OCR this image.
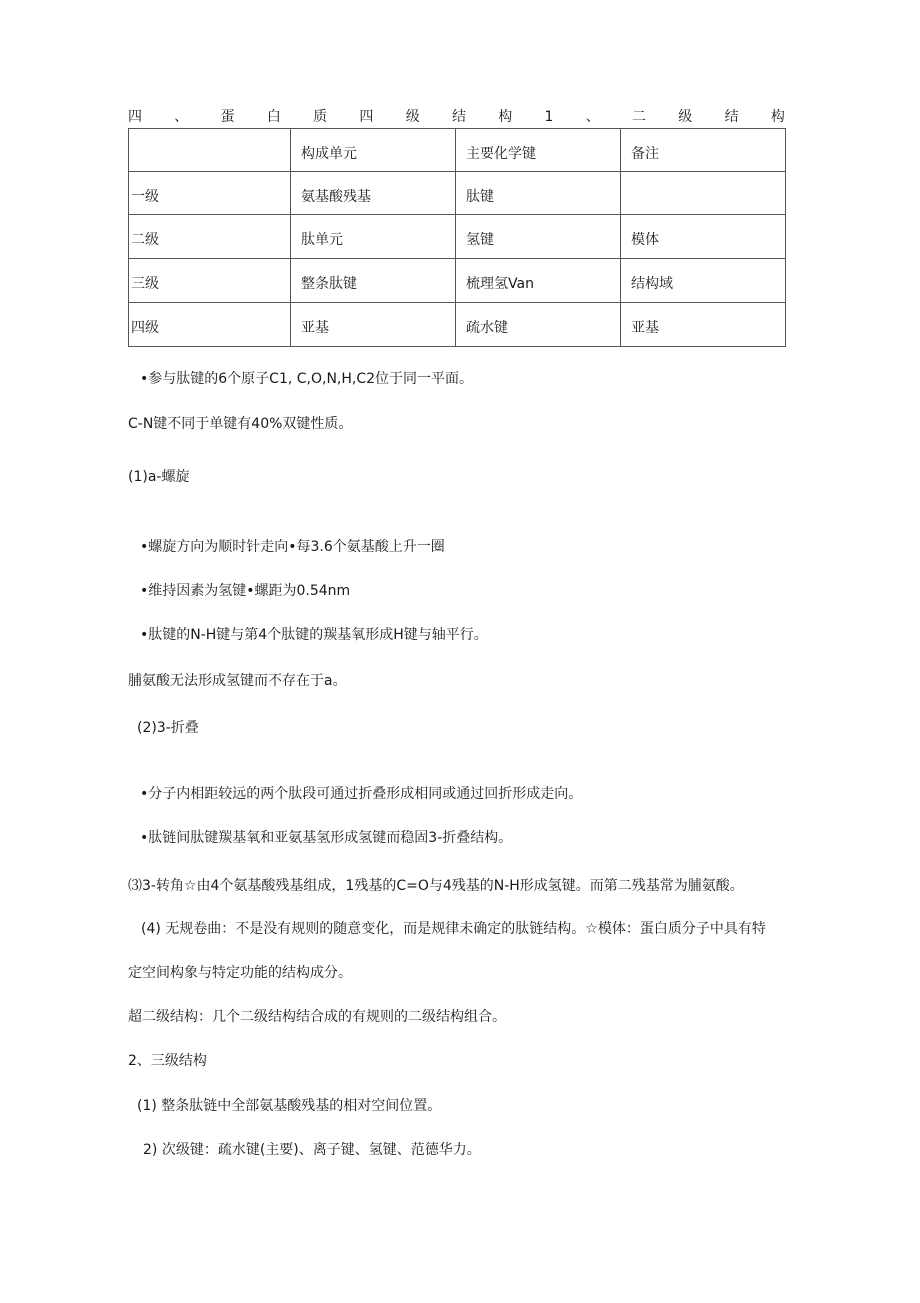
四 、 蛋 白 质 四 级 结 构 1 、 二 级 结 构
	构成单元	主要化学键	备注
一级	氨基酸残基	肽键	
二级	肽单元	氢键	模体
三级	整条肽键	梳理氢Van	结构域
四级	亚基	疏水键	亚基
•参与肽键的6个原子C1, C,O,N,H,C2位于同一平面。
C-N键不同于单键有40%双键性质。
(1)a-螺旋
•螺旋方向为顺时针走向•每3.6个氨基酸上升一圈
•维持因素为氢键•螺距为0.54nm
•肽键的N-H键与第4个肽键的羰基氧形成H键与轴平行。
脯氨酸无法形成氢键而不存在于a。
(2)3-折叠
•分子内相距较远的两个肽段可通过折叠形成相同或通过回折形成走向。
•肽链间肽键羰基氧和亚氨基氢形成氢键而稳固3-折叠结构。
⑶3-转角☆由4个氨基酸残基组成，1残基的C=O与4残基的N-H形成氢键。而第二残基常为脯氨酸。
(4) 无规卷曲：不是没有规则的随意变化，而是规律未确定的肽链结构。☆模体：蛋白质分子中具有特
定空间构象与特定功能的结构成分。
超二级结构：几个二级结构结合成的有规则的二级结构组合。
2、三级结构
(1) 整条肽链中全部氨基酸残基的相对空间位置。
2) 次级键：疏水键(主要)、离子键、氢键、范德华力。
